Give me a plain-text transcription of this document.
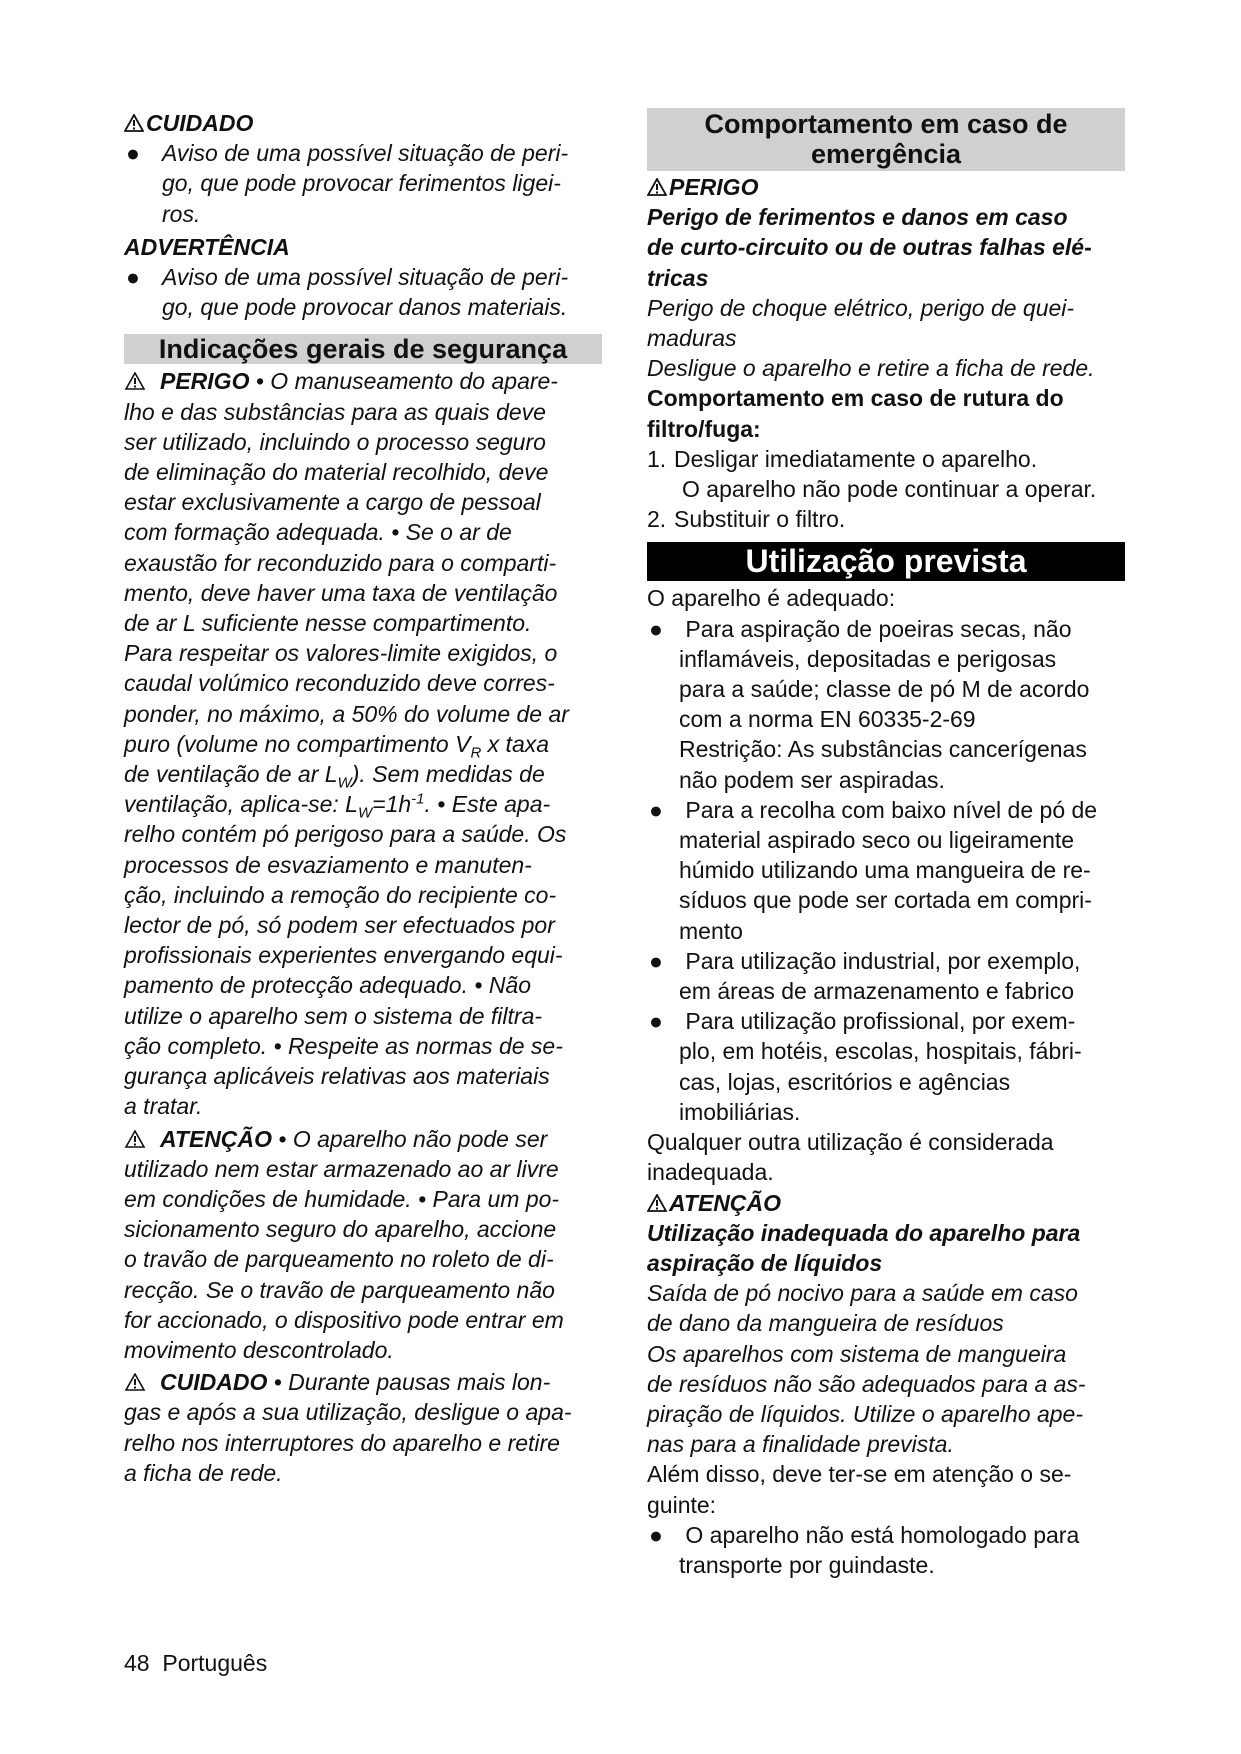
CUIDADO
● Aviso de uma possível situação de peri-
go, que pode provocar ferimentos ligei-
ros.
ADVERTÊNCIA
● Aviso de uma possível situação de peri-
go, que pode provocar danos materiais.
Indicações gerais de segurança
PERIGO • O manuseamento do apare-
lho e das substâncias para as quais deve
ser utilizado, incluindo o processo seguro
de eliminação do material recolhido, deve
estar exclusivamente a cargo de pessoal
com formação adequada. • Se o ar de
exaustão for reconduzido para o comparti-
mento, deve haver uma taxa de ventilação
de ar L suficiente nesse compartimento.
Para respeitar os valores-limite exigidos, o
caudal volúmico reconduzido deve corres-
ponder, no máximo, a 50% do volume de ar
puro (volume no compartimento $V_R$ x taxa
de ventilação de ar $L_W$). Sem medidas de
ventilação, aplica-se: $L_W=1h^{-1}$. • Este apa-
relho contém pó perigoso para a saúde. Os
processos de esvaziamento e manuten-
ção, incluindo a remoção do recipiente co-
lector de pó, só podem ser efectuados por
profissionais experientes envergando equi-
pamento de protecção adequado. • Não
utilize o aparelho sem o sistema de filtra-
ção completo. • Respeite as normas de se-
gurança aplicáveis relativas aos materiais
a tratar.
ATENÇÃO • O aparelho não pode ser
utilizado nem estar armazenado ao ar livre
em condições de humidade. • Para um po-
sicionamento seguro do aparelho, accione
o travão de parqueamento no roleto de di-
recção. Se o travão de parqueamento não
for accionado, o dispositivo pode entrar em
movimento descontrolado.
CUIDADO • Durante pausas mais lon-
gas e após a sua utilização, desligue o apa-
relho nos interruptores do aparelho e retire
a ficha de rede.
Comportamento em caso de
emergência
PERIGO
Perigo de ferimentos e danos em caso
de curto-circuito ou de outras falhas elé-
tricas
Perigo de choque elétrico, perigo de quei-
maduras
Desligue o aparelho e retire a ficha de rede.
Comportamento em caso de rutura do
filtro/fuga:
1. Desligar imediatamente o aparelho.
O aparelho não pode continuar a operar.
2. Substituir o filtro.
Utilização prevista
O aparelho é adequado:
● Para aspiração de poeiras secas, não
inflamáveis, depositadas e perigosas
para a saúde; classe de pó M de acordo
com a norma EN 60335-2-69
Restrição: As substâncias cancerígenas
não podem ser aspiradas.
● Para a recolha com baixo nível de pó de
material aspirado seco ou ligeiramente
húmido utilizando uma mangueira de re-
síduos que pode ser cortada em compri-
mento
● Para utilização industrial, por exemplo,
em áreas de armazenamento e fabrico
● Para utilização profissional, por exem-
plo, em hotéis, escolas, hospitais, fábri-
cas, lojas, escritórios e agências
imobiliárias.
Qualquer outra utilização é considerada
inadequada.
ATENÇÃO
Utilização inadequada do aparelho para
aspiração de líquidos
Saída de pó nocivo para a saúde em caso
de dano da mangueira de resíduos
Os aparelhos com sistema de mangueira
de resíduos não são adequados para a as-
piração de líquidos. Utilize o aparelho ape-
nas para a finalidade prevista.
Além disso, deve ter-se em atenção o se-
guinte:
● O aparelho não está homologado para
transporte por guindaste.
48 Português
